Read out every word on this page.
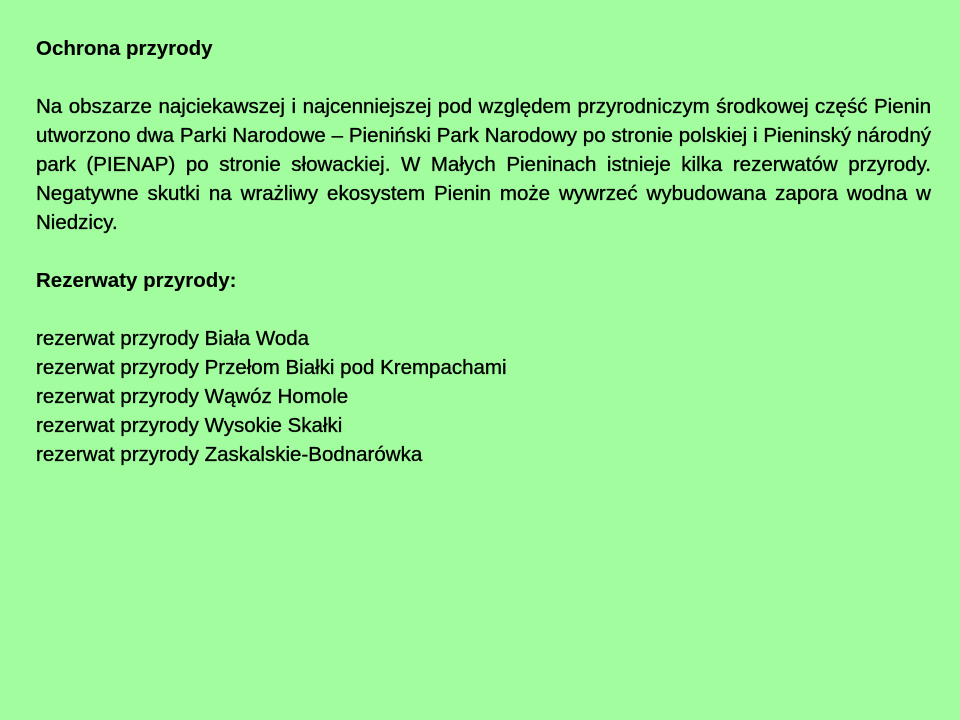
Ochrona przyrody

Na obszarze najciekawszej i najcenniejszej pod względem przyrodniczym środkowej część Pienin utworzono dwa Parki Narodowe – Pieniński Park Narodowy po stronie polskiej i Pieninský národný park (PIENAP) po stronie słowackiej. W Małych Pieninach istnieje kilka rezerwatów przyrody. Negatywne skutki na wrażliwy ekosystem Pienin może wywrzeć wybudowana zapora wodna w Niedzicy.

Rezerwaty przyrody:

rezerwat przyrody Biała Woda
rezerwat przyrody Przełom Białki pod Krempachami
rezerwat przyrody Wąwóz Homole
rezerwat przyrody Wysokie Skałki
rezerwat przyrody Zaskalskie-Bodnarówka
